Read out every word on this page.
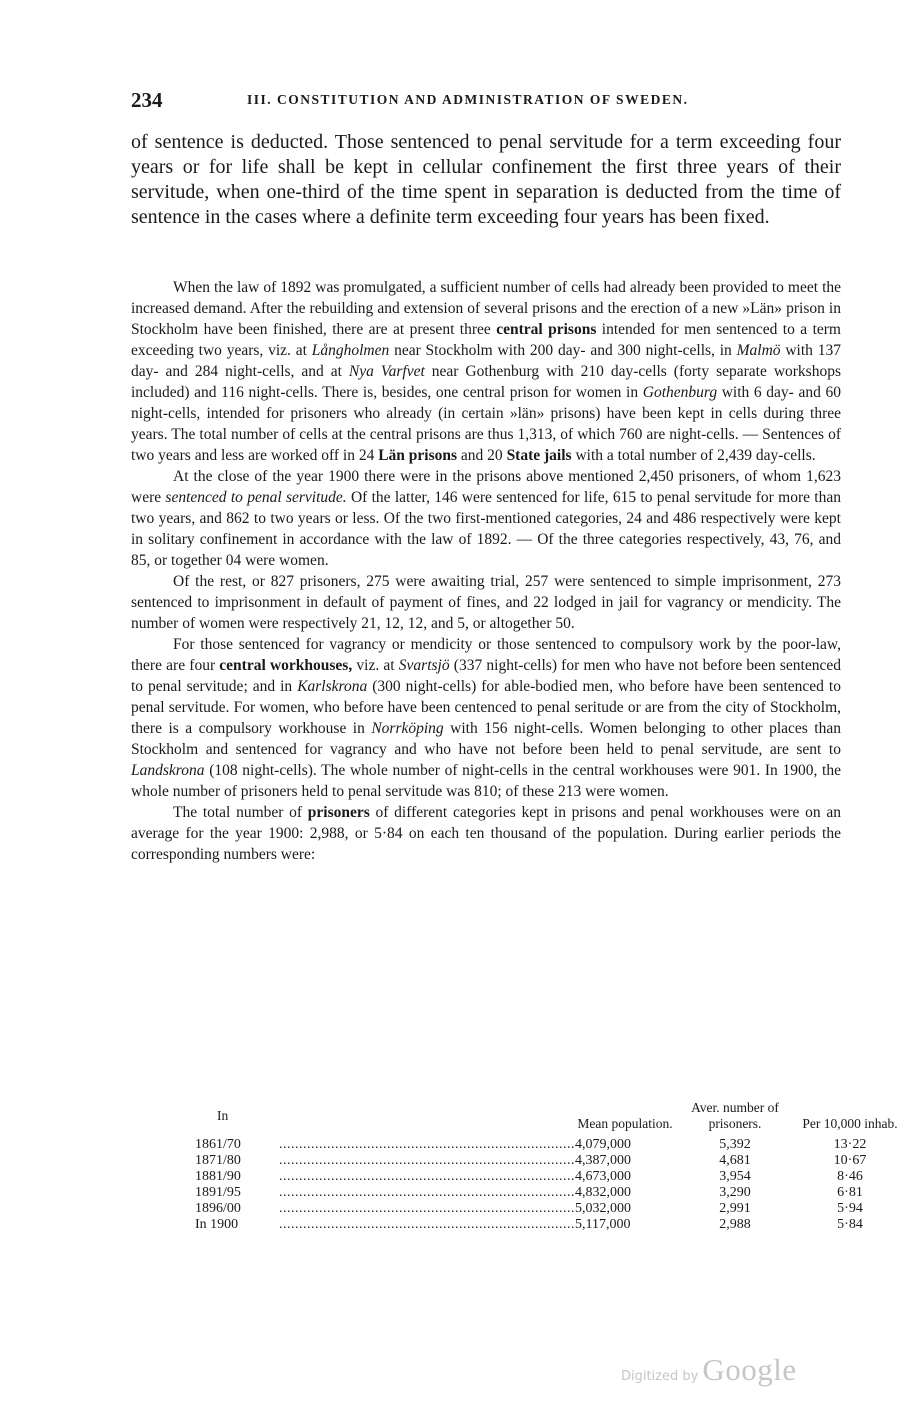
234	III. CONSTITUTION AND ADMINISTRATION OF SWEDEN.

of sentence is deducted. Those sentenced to penal servitude for a term exceeding four years or for life shall be kept in cellular confinement the first three years of their servitude, when one-third of the time spent in separation is deducted from the time of sentence in the cases where a definite term exceeding four years has been fixed.

When the law of 1892 was promulgated, a sufficient number of cells had already been provided to meet the increased demand. After the rebuilding and extension of several prisons and the erection of a new »Län» prison in Stockholm have been finished, there are at present three central prisons intended for men sentenced to a term exceeding two years, viz. at Långholmen near Stockholm with 200 day- and 300 night-cells, in Malmö with 137 day- and 284 night-cells, and at Nya Varfvet near Gothenburg with 210 day-cells (forty separate workshops included) and 116 night-cells. There is, besides, one central prison for women in Gothenburg with 6 day- and 60 night-cells, intended for prisoners who already (in certain »län» prisons) have been kept in cells during three years. The total number of cells at the central prisons are thus 1,313, of which 760 are night-cells. — Sentences of two years and less are worked off in 24 Län prisons and 20 State jails with a total number of 2,439 day-cells.

At the close of the year 1900 there were in the prisons above mentioned 2,450 prisoners, of whom 1,623 were sentenced to penal servitude. Of the latter, 146 were sentenced for life, 615 to penal servitude for more than two years, and 862 to two years or less. Of the two first-mentioned categories, 24 and 486 respectively were kept in solitary confinement in accordance with the law of 1892. — Of the three categories respectively, 43, 76, and 85, or together 04 were women.

Of the rest, or 827 prisoners, 275 were awaiting trial, 257 were sentenced to simple imprisonment, 273 sentenced to imprisonment in default of payment of fines, and 22 lodged in jail for vagrancy or mendicity. The number of women were respectively 21, 12, 12, and 5, or altogether 50.

For those sentenced for vagrancy or mendicity or those sentenced to compulsory work by the poor-law, there are four central workhouses, viz. at Svartsjö (337 night-cells) for men who have not before been sentenced to penal servitude; and in Karlskrona (300 night-cells) for able-bodied men, who before have been sentenced to penal servitude. For women, who before have been centenced to penal seritude or are from the city of Stockholm, there is a compulsory workhouse in Norrköping with 156 night-cells. Women belonging to other places than Stockholm and sentenced for vagrancy and who have not before been held to penal servitude, are sent to Landskrona (108 night-cells). The whole number of night-cells in the central workhouses were 901. In 1900, the whole number of prisoners held to penal servitude was 810; of these 213 were women.

The total number of prisoners of different categories kept in prisons and penal workhouses were on an average for the year 1900: 2,988, or 5·84 on each ten thousand of the population. During earlier periods the corresponding numbers were:

In		Mean population.	Aver. number of prisoners.	Per 10,000 inhab.
1861/70	..........................................................................	4,079,000	5,392	13·22
1871/80	..........................................................................	4,387,000	4,681	10·67
1881/90	..........................................................................	4,673,000	3,954	8·46
1891/95	..........................................................................	4,832,000	3,290	6·81
1896/00	..........................................................................	5,032,000	2,991	5·94
In 1900	..........................................................................	5,117,000	2,988	5·84
Digitized by Google
